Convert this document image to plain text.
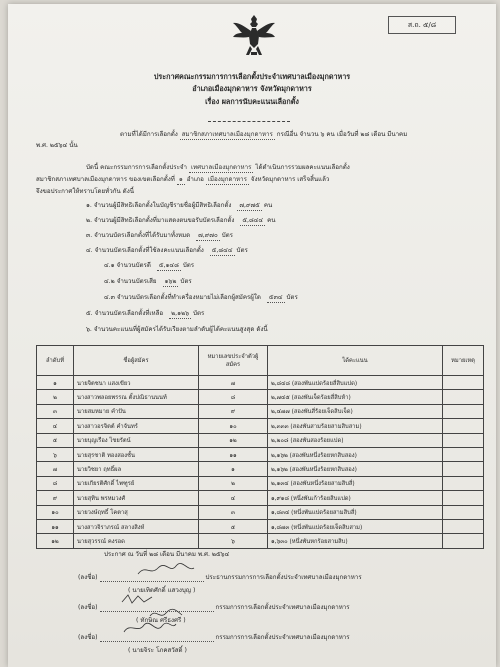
ส.ถ. ๕/๘
ประกาศคณะกรรมการการเลือกตั้งประจำเทศบาลเมืองมุกดาหาร
อำเภอเมืองมุกดาหาร จังหวัดมุกดาหาร
เรื่อง ผลการนับคะแนนเลือกตั้ง
ตามที่ได้มีการเลือกตั้ง สมาชิกสภาเทศบาลเมืองมุกดาหาร กรณีอื่น จำนวน ๖ คน เมื่อวันที่ ๒๘ เดือน มีนาคม
พ.ศ. ๒๕๖๔ นั้น
บัดนี้ คณะกรรมการการเลือกตั้งประจำ เทศบาลเมืองมุกดาหาร ได้ดำเนินการรวมผลคะแนนเลือกตั้ง
สมาชิกสภาเทศบาลเมืองมุกดาหาร ของเขตเลือกตั้งที่ ๑ อำเภอ เมืองมุกดาหาร จังหวัดมุกดาหาร เสร็จสิ้นแล้ว
จึงขอประกาศให้ทราบโดยทั่วกัน ดังนี้
๑. จำนวนผู้มีสิทธิเลือกตั้งในบัญชีรายชื่อผู้มีสิทธิเลือกตั้ง ๗,๙๗๕ คน
๒. จำนวนผู้มีสิทธิเลือกตั้งที่มาแสดงตนขอรับบัตรเลือกตั้ง ๕,๘๔๔ คน
๓. จำนวนบัตรเลือกตั้งที่ได้รับมาทั้งหมด ๗,๙๗๐ บัตร
๔. จำนวนบัตรเลือกตั้งที่ใช้ลงคะแนนเลือกตั้ง ๕,๘๔๔ บัตร
๔.๑ จำนวนบัตรดี ๕,๑๔๘ บัตร
๔.๒ จำนวนบัตรเสีย ๑๖๒ บัตร
๔.๓ จำนวนบัตรเลือกตั้งที่ทำเครื่องหมายไม่เลือกผู้สมัครผู้ใด ๕๓๔ บัตร
๕. จำนวนบัตรเลือกตั้งที่เหลือ ๒,๑๒๖ บัตร
๖. จำนวนคะแนนที่ผู้สมัครได้รับเรียงตามลำดับผู้ได้คะแนนสูงสุด ดังนี้
ลำดับที่	ชื่อผู้สมัคร	หมายเลขประจำตัวผู้สมัคร	ได้คะแนน	หมายเหตุ
๑	นายจิตชนา แสงเขียว	๗	๒,๘๔๘ (สองพันแปดร้อยสี่สิบแปด)	
๒	นางสาวพลอยพรรณ ตั้งปณิธานนนท์	๘	๒,๗๔๕ (สองพันเจ็ดร้อยสี่สิบห้า)	
๓	นายสมหมาย คำปัน	๙	๒,๔๗๗ (สองพันสี่ร้อยเจ็ดสิบเจ็ด)	
๔	นางสาวอรจิตต์ คำจันทร์	๑๐	๒,๓๓๓ (สองพันสามร้อยสามสิบสาม)	
๕	นายบุญเรือง ไชยรัตน์	๑๒	๒,๒๐๘ (สองพันสองร้อยแปด)	
๖	นายสุรชาติ ทองสองชั้น	๑๑	๒,๑๖๒ (สองพันหนึ่งร้อยหกสิบสอง)	
๗	นายวิชยา ฤทธิ์ผล	๑	๒,๑๖๒ (สองพันหนึ่งร้อยหกสิบสอง)	
๘	นายเกียรติศักดิ์ ไพฑูรย์	๒	๒,๑๓๔ (สองพันหนึ่งร้อยสามสิบสี่)	
๙	นายสุทิน พรหมวงศ์	๔	๑,๙๑๘ (หนึ่งพันเก้าร้อยสิบแปด)	
๑๐	นายวงษ์ฤทธิ์ โคตาสุ	๓	๑,๘๓๔ (หนึ่งพันแปดร้อยสามสิบสี่)	
๑๑	นางสาวจิราภรณ์ สลางสิงห์	๕	๑,๘๗๓ (หนึ่งพันแปดร้อยเจ็ดสิบสาม)	
๑๒	นายสุวรรณ์ คงรอด	๖	๑,๖๓๐ (หนึ่งพันหกร้อยสามสิบ)	
ประกาศ ณ วันที่ ๒๘ เดือน มีนาคม พ.ศ. ๒๕๖๔
(ลงชื่อ)	ประธานกรรมการการเลือกตั้งประจำเทศบาลเมืองมุกดาหาร
( นายเทิดศักดิ์ แสวงบุญ )
(ลงชื่อ)	กรรมการการเลือกตั้งประจำเทศบาลเมืองมุกดาหาร
( ทักษิณ ศรีธงศรี )
(ลงชื่อ)	กรรมการการเลือกตั้งประจำเทศบาลเมืองมุกดาหาร
( นายจิระ โภคสวัสดิ์ )
